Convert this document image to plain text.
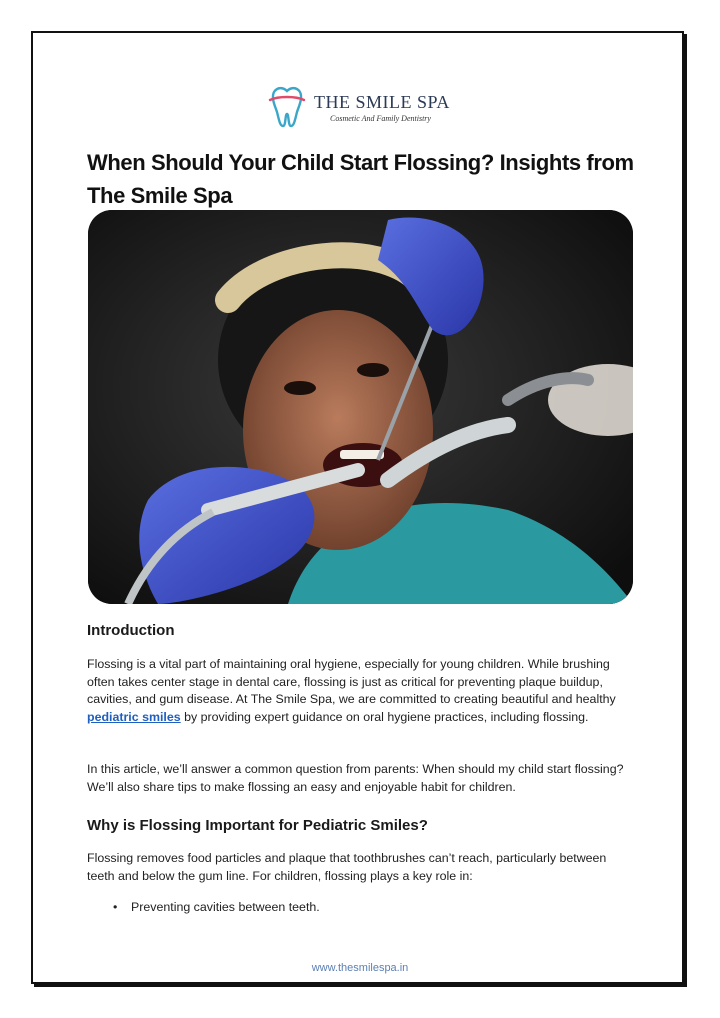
THE SMILE SPA
Cosmetic And Family Dentistry
When Should Your Child Start Flossing? Insights from The Smile Spa
Introduction

Flossing is a vital part of maintaining oral hygiene, especially for young children. While brushing often takes center stage in dental care, flossing is just as critical for preventing plaque buildup, cavities, and gum disease. At The Smile Spa, we are committed to creating beautiful and healthy pediatric smiles by providing expert guidance on oral hygiene practices, including flossing.

In this article, we’ll answer a common question from parents: When should my child start flossing? We’ll also share tips to make flossing an easy and enjoyable habit for children.

Why is Flossing Important for Pediatric Smiles?

Flossing removes food particles and plaque that toothbrushes can’t reach, particularly between teeth and below the gum line. For children, flossing plays a key role in:

• Preventing cavities between teeth.
www.thesmilespa.in
